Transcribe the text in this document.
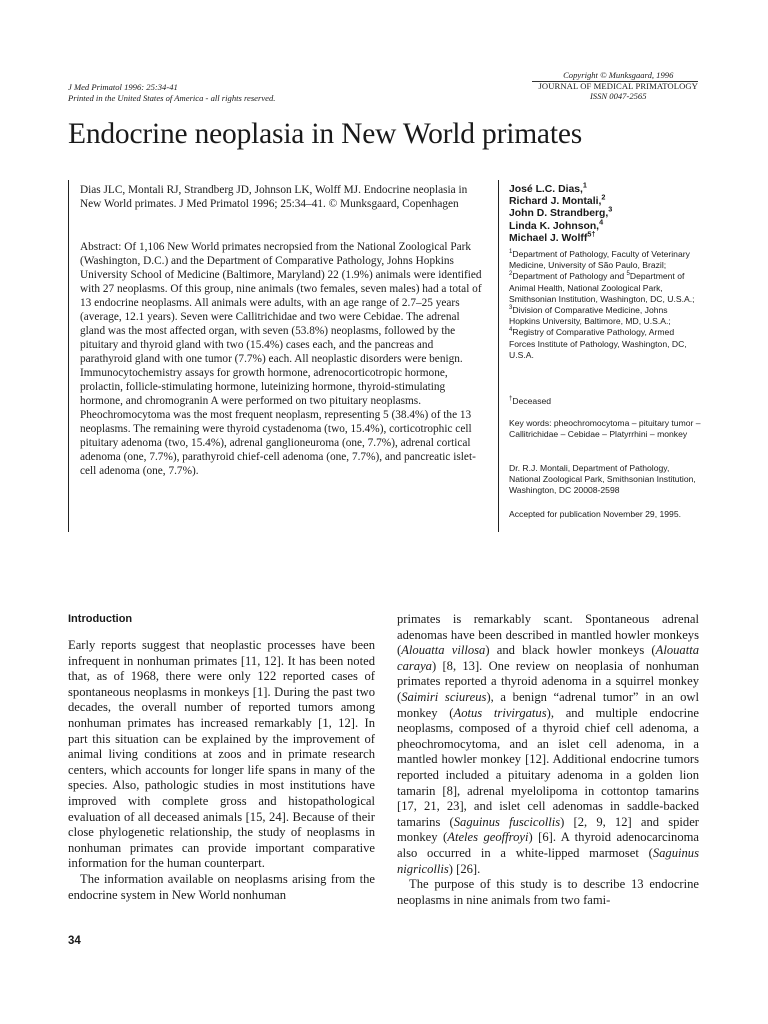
J Med Primatol 1996: 25:34-41
Printed in the United States of America - all rights reserved.
Copyright © Munksgaard, 1996
JOURNAL OF MEDICAL PRIMATOLOGY
ISSN 0047-2565
Endocrine neoplasia in New World primates
Dias JLC, Montali RJ, Strandberg JD, Johnson LK, Wolff MJ. Endocrine neoplasia in New World primates. J Med Primatol 1996; 25:34–41. © Munksgaard, Copenhagen
Abstract: Of 1,106 New World primates necropsied from the National Zoological Park (Washington, D.C.) and the Department of Comparative Pathology, Johns Hopkins University School of Medicine (Baltimore, Maryland) 22 (1.9%) animals were identified with 27 neoplasms. Of this group, nine animals (two females, seven males) had a total of 13 endocrine neoplasms. All animals were adults, with an age range of 2.7–25 years (average, 12.1 years). Seven were Callitrichidae and two were Cebidae. The adrenal gland was the most affected organ, with seven (53.8%) neoplasms, followed by the pituitary and thyroid gland with two (15.4%) cases each, and the pancreas and parathyroid gland with one tumor (7.7%) each. All neoplastic disorders were benign. Immunocytochemistry assays for growth hormone, adrenocorticotropic hormone, prolactin, follicle-stimulating hormone, luteinizing hormone, thyroid-stimulating hormone, and chromogranin A were performed on two pituitary neoplasms. Pheochromocytoma was the most frequent neoplasm, representing 5 (38.4%) of the 13 neoplasms. The remaining were thyroid cystadenoma (two, 15.4%), corticotrophic cell pituitary adenoma (two, 15.4%), adrenal ganglioneuroma (one, 7.7%), adrenal cortical adenoma (one, 7.7%), parathyroid chief-cell adenoma (one, 7.7%), and pancreatic islet-cell adenoma (one, 7.7%).
José L.C. Dias,$^1$
Richard J. Montali,$^2$
John D. Strandberg,$^3$
Linda K. Johnson,$^4$
Michael J. Wolff$^{5\dagger}$
$^1$Department of Pathology, Faculty of Veterinary Medicine, University of São Paulo, Brazil; $^2$Department of Pathology and $^5$Department of Animal Health, National Zoological Park, Smithsonian Institution, Washington, DC, U.S.A.; $^3$Division of Comparative Medicine, Johns Hopkins University, Baltimore, MD, U.S.A.; $^4$Registry of Comparative Pathology, Armed Forces Institute of Pathology, Washington, DC, U.S.A.
†Deceased
Key words: pheochromocytoma – pituitary tumor – Callitrichidae – Cebidae – Platyrrhini – monkey
Dr. R.J. Montali, Department of Pathology, National Zoological Park, Smithsonian Institution, Washington, DC 20008-2598
Accepted for publication November 29, 1995.
Introduction

Early reports suggest that neoplastic processes have been infrequent in nonhuman primates [11, 12]. It has been noted that, as of 1968, there were only 122 reported cases of spontaneous neoplasms in monkeys [1]. During the past two decades, the overall number of reported tumors among nonhuman primates has increased remarkably [1, 12]. In part this situation can be explained by the improvement of animal living conditions at zoos and in primate research centers, which accounts for longer life spans in many of the species. Also, pathologic studies in most institutions have improved with complete gross and histopathological evaluation of all deceased animals [15, 24]. Because of their close phylogenetic relationship, the study of neoplasms in nonhuman primates can provide important comparative information for the human counterpart.

The information available on neoplasms arising from the endocrine system in New World nonhuman

primates is remarkably scant. Spontaneous adrenal adenomas have been described in mantled howler monkeys (Alouatta villosa) and black howler monkeys (Alouatta caraya) [8, 13]. One review on neoplasia of nonhuman primates reported a thyroid adenoma in a squirrel monkey (Saimiri sciureus), a benign “adrenal tumor” in an owl monkey (Aotus trivirgatus), and multiple endocrine neoplasms, composed of a thyroid chief cell adenoma, a pheochromocytoma, and an islet cell adenoma, in a mantled howler monkey [12]. Additional endocrine tumors reported included a pituitary adenoma in a golden lion tamarin [8], adrenal myelolipoma in cottontop tamarins [17, 21, 23], and islet cell adenomas in saddle-backed tamarins (Saguinus fuscicollis) [2, 9, 12] and spider monkey (Ateles geoffroyi) [6]. A thyroid adenocarcinoma also occurred in a white-lipped marmoset (Saguinus nigricollis) [26].

The purpose of this study is to describe 13 endocrine neoplasms in nine animals from two fami-

34
